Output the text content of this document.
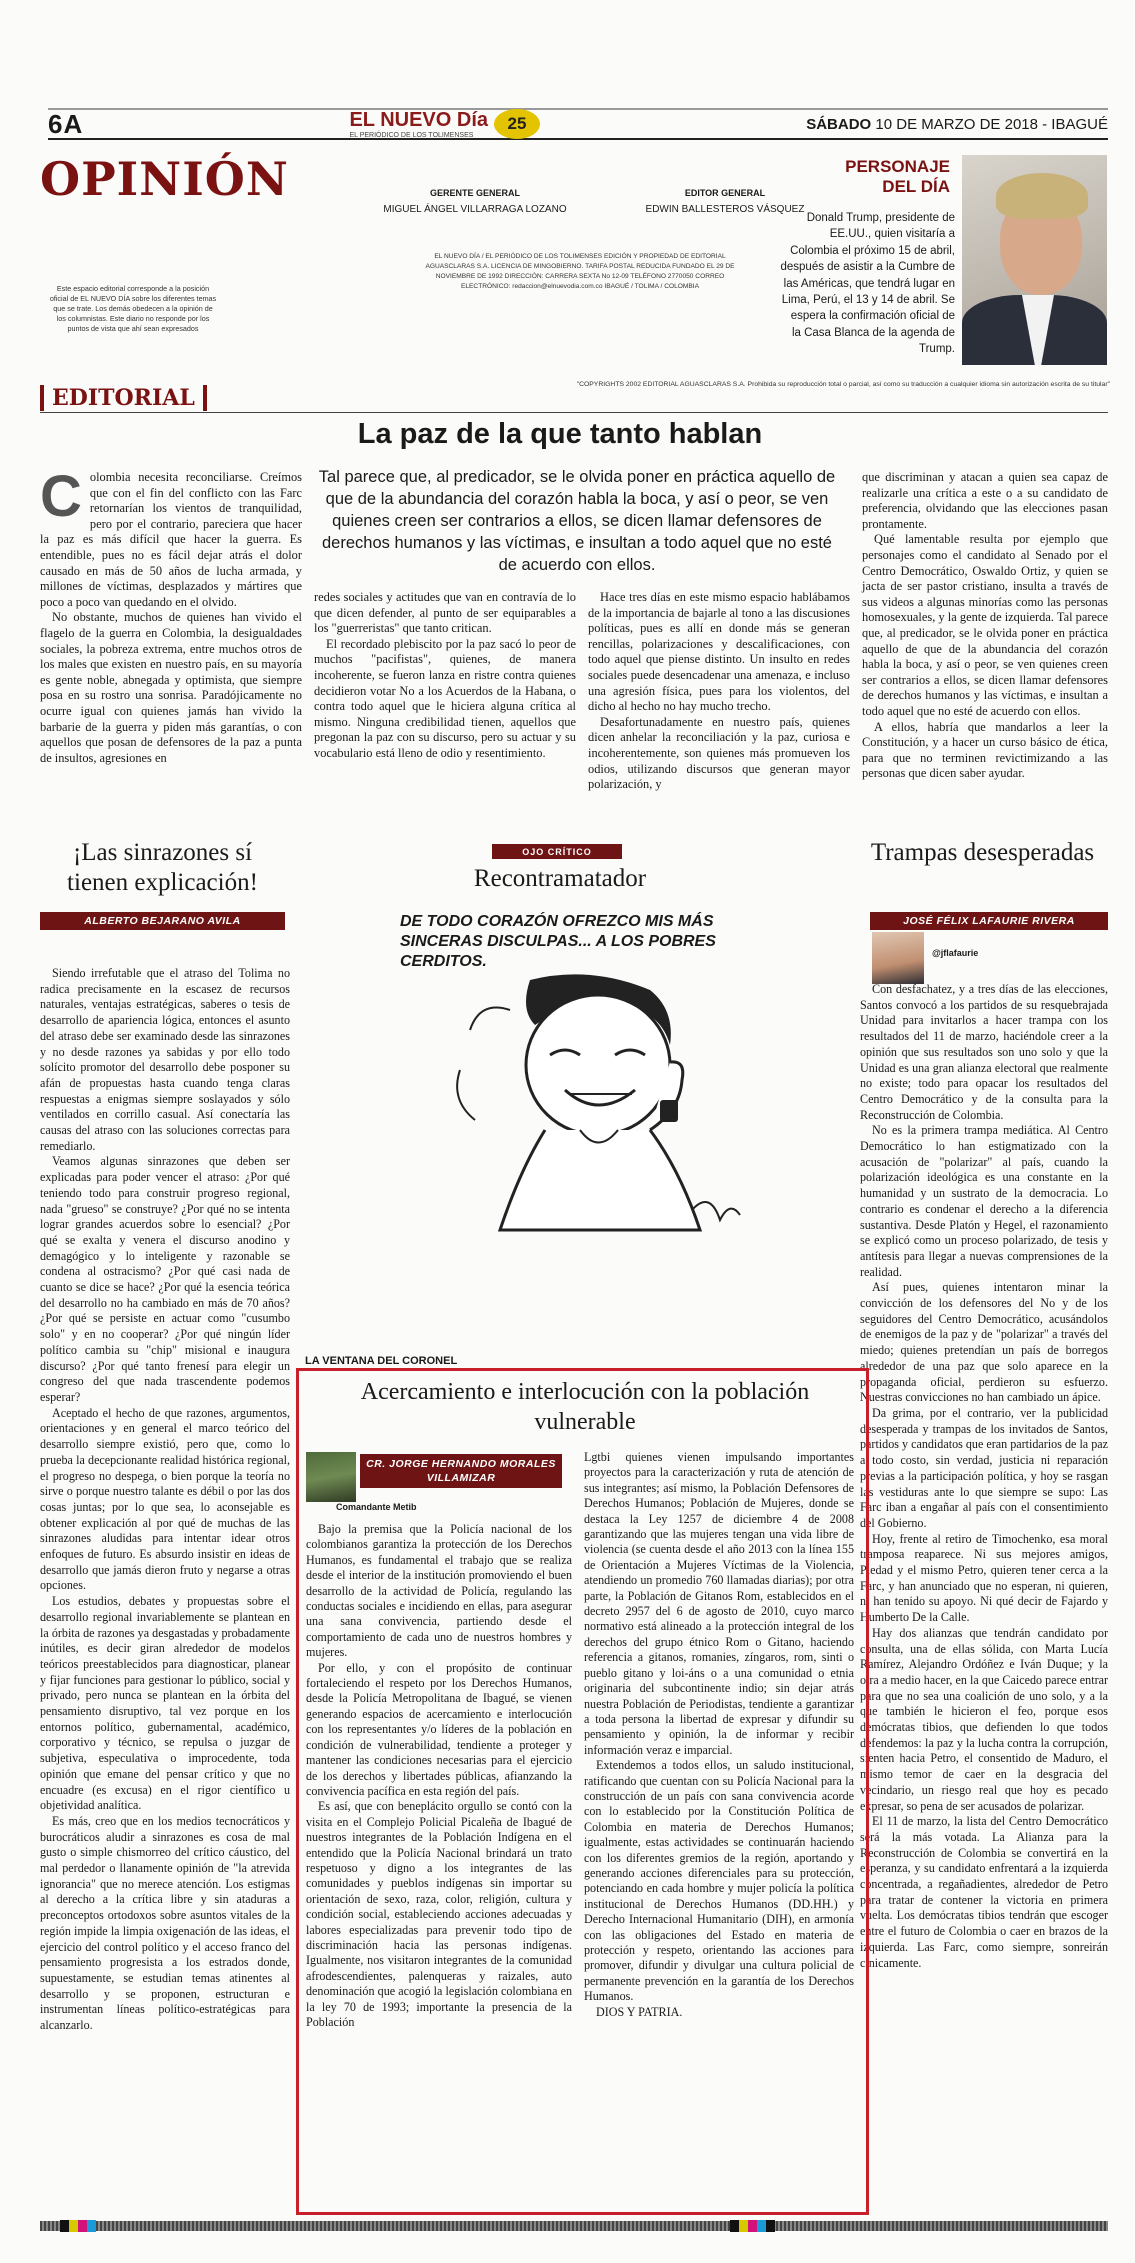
6A	EL NUEVO Día
EL PERIÓDICO DE LOS TOLIMENSES
25	SÁBADO 10 DE MARZO DE 2018 - IBAGUÉ
OPINIÓN	GERENTE GENERAL
MIGUEL ÁNGEL VILLARRAGA LOZANO
EDITOR GENERAL
EDWIN BALLESTEROS VÁSQUEZ
EL NUEVO DÍA / EL PERIÓDICO DE LOS TOLIMENSES EDICIÓN Y PROPIEDAD DE EDITORIAL AGUASCLARAS S.A. LICENCIA DE MINGOBIERNO. TARIFA POSTAL REDUCIDA FUNDADO EL 29 DE NOVIEMBRE DE 1992 DIRECCIÓN: CARRERA SEXTA No 12-09 TELÉFONO 2770050 CORREO ELECTRÓNICO: redaccion@elnuevodia.com.co IBAGUÉ / TOLIMA / COLOMBIA
Este espacio editorial corresponde a la posición oficial de EL NUEVO DÍA sobre los diferentes temas que se trate. Los demás obedecen a la opinión de los columnistas. Este diario no responde por los puntos de vista que ahí sean expresados
PERSONAJE
DEL DÍA
Donald Trump, presidente de EE.UU., quien visitaría a Colombia el próximo 15 de abril, después de asistir a la Cumbre de las Américas, que tendrá lugar en Lima, Perú, el 13 y 14 de abril. Se espera la confirmación oficial de la Casa Blanca de la agenda de Trump.
EDITORIAL	"COPYRIGHTS 2002 EDITORIAL AGUASCLARAS S.A. Prohibida su reproducción total o parcial, así como su traducción a cualquier idioma sin autorización escrita de su titular"
La paz de la que tanto hablan
Tal parece que, al predicador, se le olvida poner en práctica aquello de que de la abundancia del corazón habla la boca, y así o peor, se ven quienes creen ser contrarios a ellos, se dicen llamar defensores de derechos humanos y las víctimas, e insultan a todo aquel que no esté de acuerdo con ellos.
C olombia necesita reconciliarse. Creímos que con el fin del conflicto con las Farc retornarían los vientos de tranquilidad, pero por el contrario, pareciera que hacer la paz es más difícil que hacer la guerra. Es entendible, pues no es fácil dejar atrás el dolor causado en más de 50 años de lucha armada, y millones de víctimas, desplazados y mártires que poco a poco van quedando en el olvido.

No obstante, muchos de quienes han vivido el flagelo de la guerra en Colombia, la desigualdades sociales, la pobreza extrema, entre muchos otros de los males que existen en nuestro país, en su mayoría es gente noble, abnegada y optimista, que siempre posa en su rostro una sonrisa. Paradójicamente no ocurre igual con quienes jamás han vivido la barbarie de la guerra y piden más garantías, o con aquellos que posan de defensores de la paz a punta de insultos, agresiones en

redes sociales y actitudes que van en contravía de lo que dicen defender, al punto de ser equiparables a los "guerreristas" que tanto critican.

El recordado plebiscito por la paz sacó lo peor de muchos "pacifistas", quienes, de manera incoherente, se fueron lanza en ristre contra quienes decidieron votar No a los Acuerdos de la Habana, o contra todo aquel que le hiciera alguna crítica al mismo. Ninguna credibilidad tienen, aquellos que pregonan la paz con su discurso, pero su actuar y su vocabulario está lleno de odio y resentimiento.

Hace tres días en este mismo espacio hablábamos de la importancia de bajarle al tono a las discusiones políticas, pues es allí en donde más se generan rencillas, polarizaciones y descalificaciones, con todo aquel que piense distinto. Un insulto en redes sociales puede desencadenar una amenaza, e incluso una agresión física, pues para los violentos, del dicho al hecho no hay mucho trecho.

Desafortunadamente en nuestro país, quienes dicen anhelar la reconciliación y la paz, curiosa e incoherentemente, son quienes más promueven los odios, utilizando discursos que generan mayor polarización, y

que discriminan y atacan a quien sea capaz de realizarle una crítica a este o a su candidato de preferencia, olvidando que las elecciones pasan prontamente.

Qué lamentable resulta por ejemplo que personajes como el candidato al Senado por el Centro Democrático, Oswaldo Ortiz, y quien se jacta de ser pastor cristiano, insulta a través de sus videos a algunas minorías como las personas homosexuales, y la gente de izquierda. Tal parece que, al predicador, se le olvida poner en práctica aquello de que de la abundancia del corazón habla la boca, y así o peor, se ven quienes creen ser contrarios a ellos, se dicen llamar defensores de derechos humanos y las víctimas, e insultan a todo aquel que no esté de acuerdo con ellos.

A ellos, habría que mandarlos a leer la Constitución, y a hacer un curso básico de ética, para que no terminen revictimizando a las personas que dicen saber ayudar.

¡Las sinrazones sí tienen explicación!
ALBERTO BEJARANO AVILA

Siendo irrefutable que el atraso del Tolima no radica precisamente en la escasez de recursos naturales, ventajas estratégicas, saberes o tesis de desarrollo de apariencia lógica, entonces el asunto del atraso debe ser examinado desde las sinrazones y no desde razones ya sabidas y por ello todo solícito promotor del desarrollo debe posponer su afán de propuestas hasta cuando tenga claras respuestas a enigmas siempre soslayados y sólo ventilados en corrillo casual. Así conectaría las causas del atraso con las soluciones correctas para remediarlo.

Veamos algunas sinrazones que deben ser explicadas para poder vencer el atraso: ¿Por qué teniendo todo para construir progreso regional, nada "grueso" se construye? ¿Por qué no se intenta lograr grandes acuerdos sobre lo esencial? ¿Por qué se exalta y venera el discurso anodino y demagógico y lo inteligente y razonable se condena al ostracismo? ¿Por qué casi nada de cuanto se dice se hace? ¿Por qué la esencia teórica del desarrollo no ha cambiado en más de 70 años? ¿Por qué se persiste en actuar como "cusumbo solo" y en no cooperar? ¿Por qué ningún líder político cambia su "chip" misional e inaugura discurso? ¿Por qué tanto frenesí para elegir un congreso del que nada trascendente podemos esperar?

Aceptado el hecho de que razones, argumentos, orientaciones y en general el marco teórico del desarrollo siempre existió, pero que, como lo prueba la decepcionante realidad histórica regional, el progreso no despega, o bien porque la teoría no sirve o porque nuestro talante es débil o por las dos cosas juntas; por lo que sea, lo aconsejable es obtener explicación al por qué de muchas de las sinrazones aludidas para intentar idear otros enfoques de futuro. Es absurdo insistir en ideas de desarrollo que jamás dieron fruto y negarse a otras opciones.

Los estudios, debates y propuestas sobre el desarrollo regional invariablemente se plantean en la órbita de razones ya desgastadas y probadamente inútiles, es decir giran alrededor de modelos teóricos preestablecidos para diagnosticar, planear y fijar funciones para gestionar lo público, social y privado, pero nunca se plantean en la órbita del pensamiento disruptivo, tal vez porque en los entornos político, gubernamental, académico, corporativo y técnico, se repulsa o juzgar de subjetiva, especulativa o improcedente, toda opinión que emane del pensar crítico y que no encuadre (es excusa) en el rigor científico u objetividad analítica.

Es más, creo que en los medios tecnocráticos y burocráticos aludir a sinrazones es cosa de mal gusto o simple chismorreo del crítico cáustico, del mal perdedor o llanamente opinión de "la atrevida ignorancia" que no merece atención. Los estigmas al derecho a la crítica libre y sin ataduras a preconceptos ortodoxos sobre asuntos vitales de la región impide la limpia oxigenación de las ideas, el ejercicio del control político y el acceso franco del pensamiento progresista a los estrados donde, supuestamente, se estudian temas atinentes al desarrollo y se proponen, estructuran e instrumentan líneas político-estratégicas para alcanzarlo.

OJO CRÍTICO
Recontramatador
DE TODO CORAZÓN OFREZCO MIS MÁS SINCERAS DISCULPAS... A LOS POBRES CERDITOS.
Trampas desesperadas
JOSÉ FÉLIX LAFAURIE RIVERA
@jflafaurie

Con desfachatez, y a tres días de las elecciones, Santos convocó a los partidos de su resquebrajada Unidad para invitarlos a hacer trampa con los resultados del 11 de marzo, haciéndole creer a la opinión que sus resultados son uno solo y que la Unidad es una gran alianza electoral que realmente no existe; todo para opacar los resultados del Centro Democrático y de la consulta para la Reconstrucción de Colombia.

No es la primera trampa mediática. Al Centro Democrático lo han estigmatizado con la acusación de "polarizar" al país, cuando la polarización ideológica es una constante en la humanidad y un sustrato de la democracia. Lo contrario es condenar el derecho a la diferencia sustantiva. Desde Platón y Hegel, el razonamiento se explicó como un proceso polarizado, de tesis y antítesis para llegar a nuevas comprensiones de la realidad.

Así pues, quienes intentaron minar la convicción de los defensores del No y de los seguidores del Centro Democrático, acusándolos de enemigos de la paz y de "polarizar" a través del miedo; quienes pretendían un país de borregos alrededor de una paz que solo aparece en la propaganda oficial, perdieron su esfuerzo. Nuestras convicciones no han cambiado un ápice.

Da grima, por el contrario, ver la publicidad desesperada y trampas de los invitados de Santos, partidos y candidatos que eran partidarios de la paz a todo costo, sin verdad, justicia ni reparación previas a la participación política, y hoy se rasgan las vestiduras ante lo que siempre se supo: Las Farc iban a engañar al país con el consentimiento del Gobierno.

Hoy, frente al retiro de Timochenko, esa moral tramposa reaparece. Ni sus mejores amigos, Piedad y el mismo Petro, quieren tener cerca a la Farc, y han anunciado que no esperan, ni quieren, ni han tenido su apoyo. Ni qué decir de Fajardo y Humberto De la Calle.

Hay dos alianzas que tendrán candidato por consulta, una de ellas sólida, con Marta Lucía Ramírez, Alejandro Ordóñez e Iván Duque; y la otra a medio hacer, en la que Caicedo parece entrar para que no sea una coalición de uno solo, y a la que también le hicieron el feo, porque esos demócratas tibios, que defienden lo que todos defendemos: la paz y la lucha contra la corrupción, sienten hacia Petro, el consentido de Maduro, el mismo temor de caer en la desgracia del vecindario, un riesgo real que hoy es pecado expresar, so pena de ser acusados de polarizar.

El 11 de marzo, la lista del Centro Democrático será la más votada. La Alianza para la Reconstrucción de Colombia se convertirá en la esperanza, y su candidato enfrentará a la izquierda concentrada, a regañadientes, alrededor de Petro para tratar de contener la victoria en primera vuelta. Los demócratas tibios tendrán que escoger entre el futuro de Colombia o caer en brazos de la izquierda. Las Farc, como siempre, sonreirán cínicamente.

LA VENTANA DEL CORONEL
Acercamiento e interlocución con la población vulnerable
CR. JORGE HERNANDO MORALES VILLAMIZAR
Comandante Metib

Bajo la premisa que la Policía nacional de los colombianos garantiza la protección de los Derechos Humanos, es fundamental el trabajo que se realiza desde el interior de la institución promoviendo el buen desarrollo de la actividad de Policía, regulando las conductas sociales e incidiendo en ellas, para asegurar una sana convivencia, partiendo desde el comportamiento de cada uno de nuestros hombres y mujeres.

Por ello, y con el propósito de continuar fortaleciendo el respeto por los Derechos Humanos, desde la Policía Metropolitana de Ibagué, se vienen generando espacios de acercamiento e interlocución con los representantes y/o líderes de la población en condición de vulnerabilidad, tendiente a proteger y mantener las condiciones necesarias para el ejercicio de los derechos y libertades públicas, afianzando la convivencia pacífica en esta región del país.

Es así, que con beneplácito orgullo se contó con la visita en el Complejo Policial Picaleña de Ibagué de nuestros integrantes de la Población Indígena en el entendido que la Policía Nacional brindará un trato respetuoso y digno a los integrantes de las comunidades y pueblos indígenas sin importar su orientación de sexo, raza, color, religión, cultura y condición social, estableciendo acciones adecuadas y labores especializadas para prevenir todo tipo de discriminación hacia las personas indígenas. Igualmente, nos visitaron integrantes de la comunidad afrodescendientes, palenqueras y raizales, auto denominación que acogió la legislación colombiana en la ley 70 de 1993; importante la presencia de la Población

Lgtbi quienes vienen impulsando importantes proyectos para la caracterización y ruta de atención de sus integrantes; así mismo, la Población Defensores de Derechos Humanos; Población de Mujeres, donde se destaca la Ley 1257 de diciembre 4 de 2008 garantizando que las mujeres tengan una vida libre de violencia (se cuenta desde el año 2013 con la línea 155 de Orientación a Mujeres Víctimas de la Violencia, atendiendo un promedio 760 llamadas diarias); por otra parte, la Población de Gitanos Rom, establecidos en el decreto 2957 del 6 de agosto de 2010, cuyo marco normativo está alineado a la protección integral de los derechos del grupo étnico Rom o Gitano, haciendo referencia a gitanos, romanies, zíngaros, rom, sinti o pueblo gitano y loi-áns o a una comunidad o etnia originaria del subcontinente indio; sin dejar atrás nuestra Población de Periodistas, tendiente a garantizar a toda persona la libertad de expresar y difundir su pensamiento y opinión, la de informar y recibir información veraz e imparcial.

Extendemos a todos ellos, un saludo institucional, ratificando que cuentan con su Policía Nacional para la construcción de un país con sana convivencia acorde con lo establecido por la Constitución Política de Colombia en materia de Derechos Humanos; igualmente, estas actividades se continuarán haciendo con los diferentes gremios de la región, aportando y generando acciones diferenciales para su protección, potenciando en cada hombre y mujer policía la política institucional de Derechos Humanos (DD.HH.) y Derecho Internacional Humanitario (DIH), en armonía con las obligaciones del Estado en materia de protección y respeto, orientando las acciones para promover, difundir y divulgar una cultura policial de permanente prevención en la garantía de los Derechos Humanos.

DIOS Y PATRIA.
